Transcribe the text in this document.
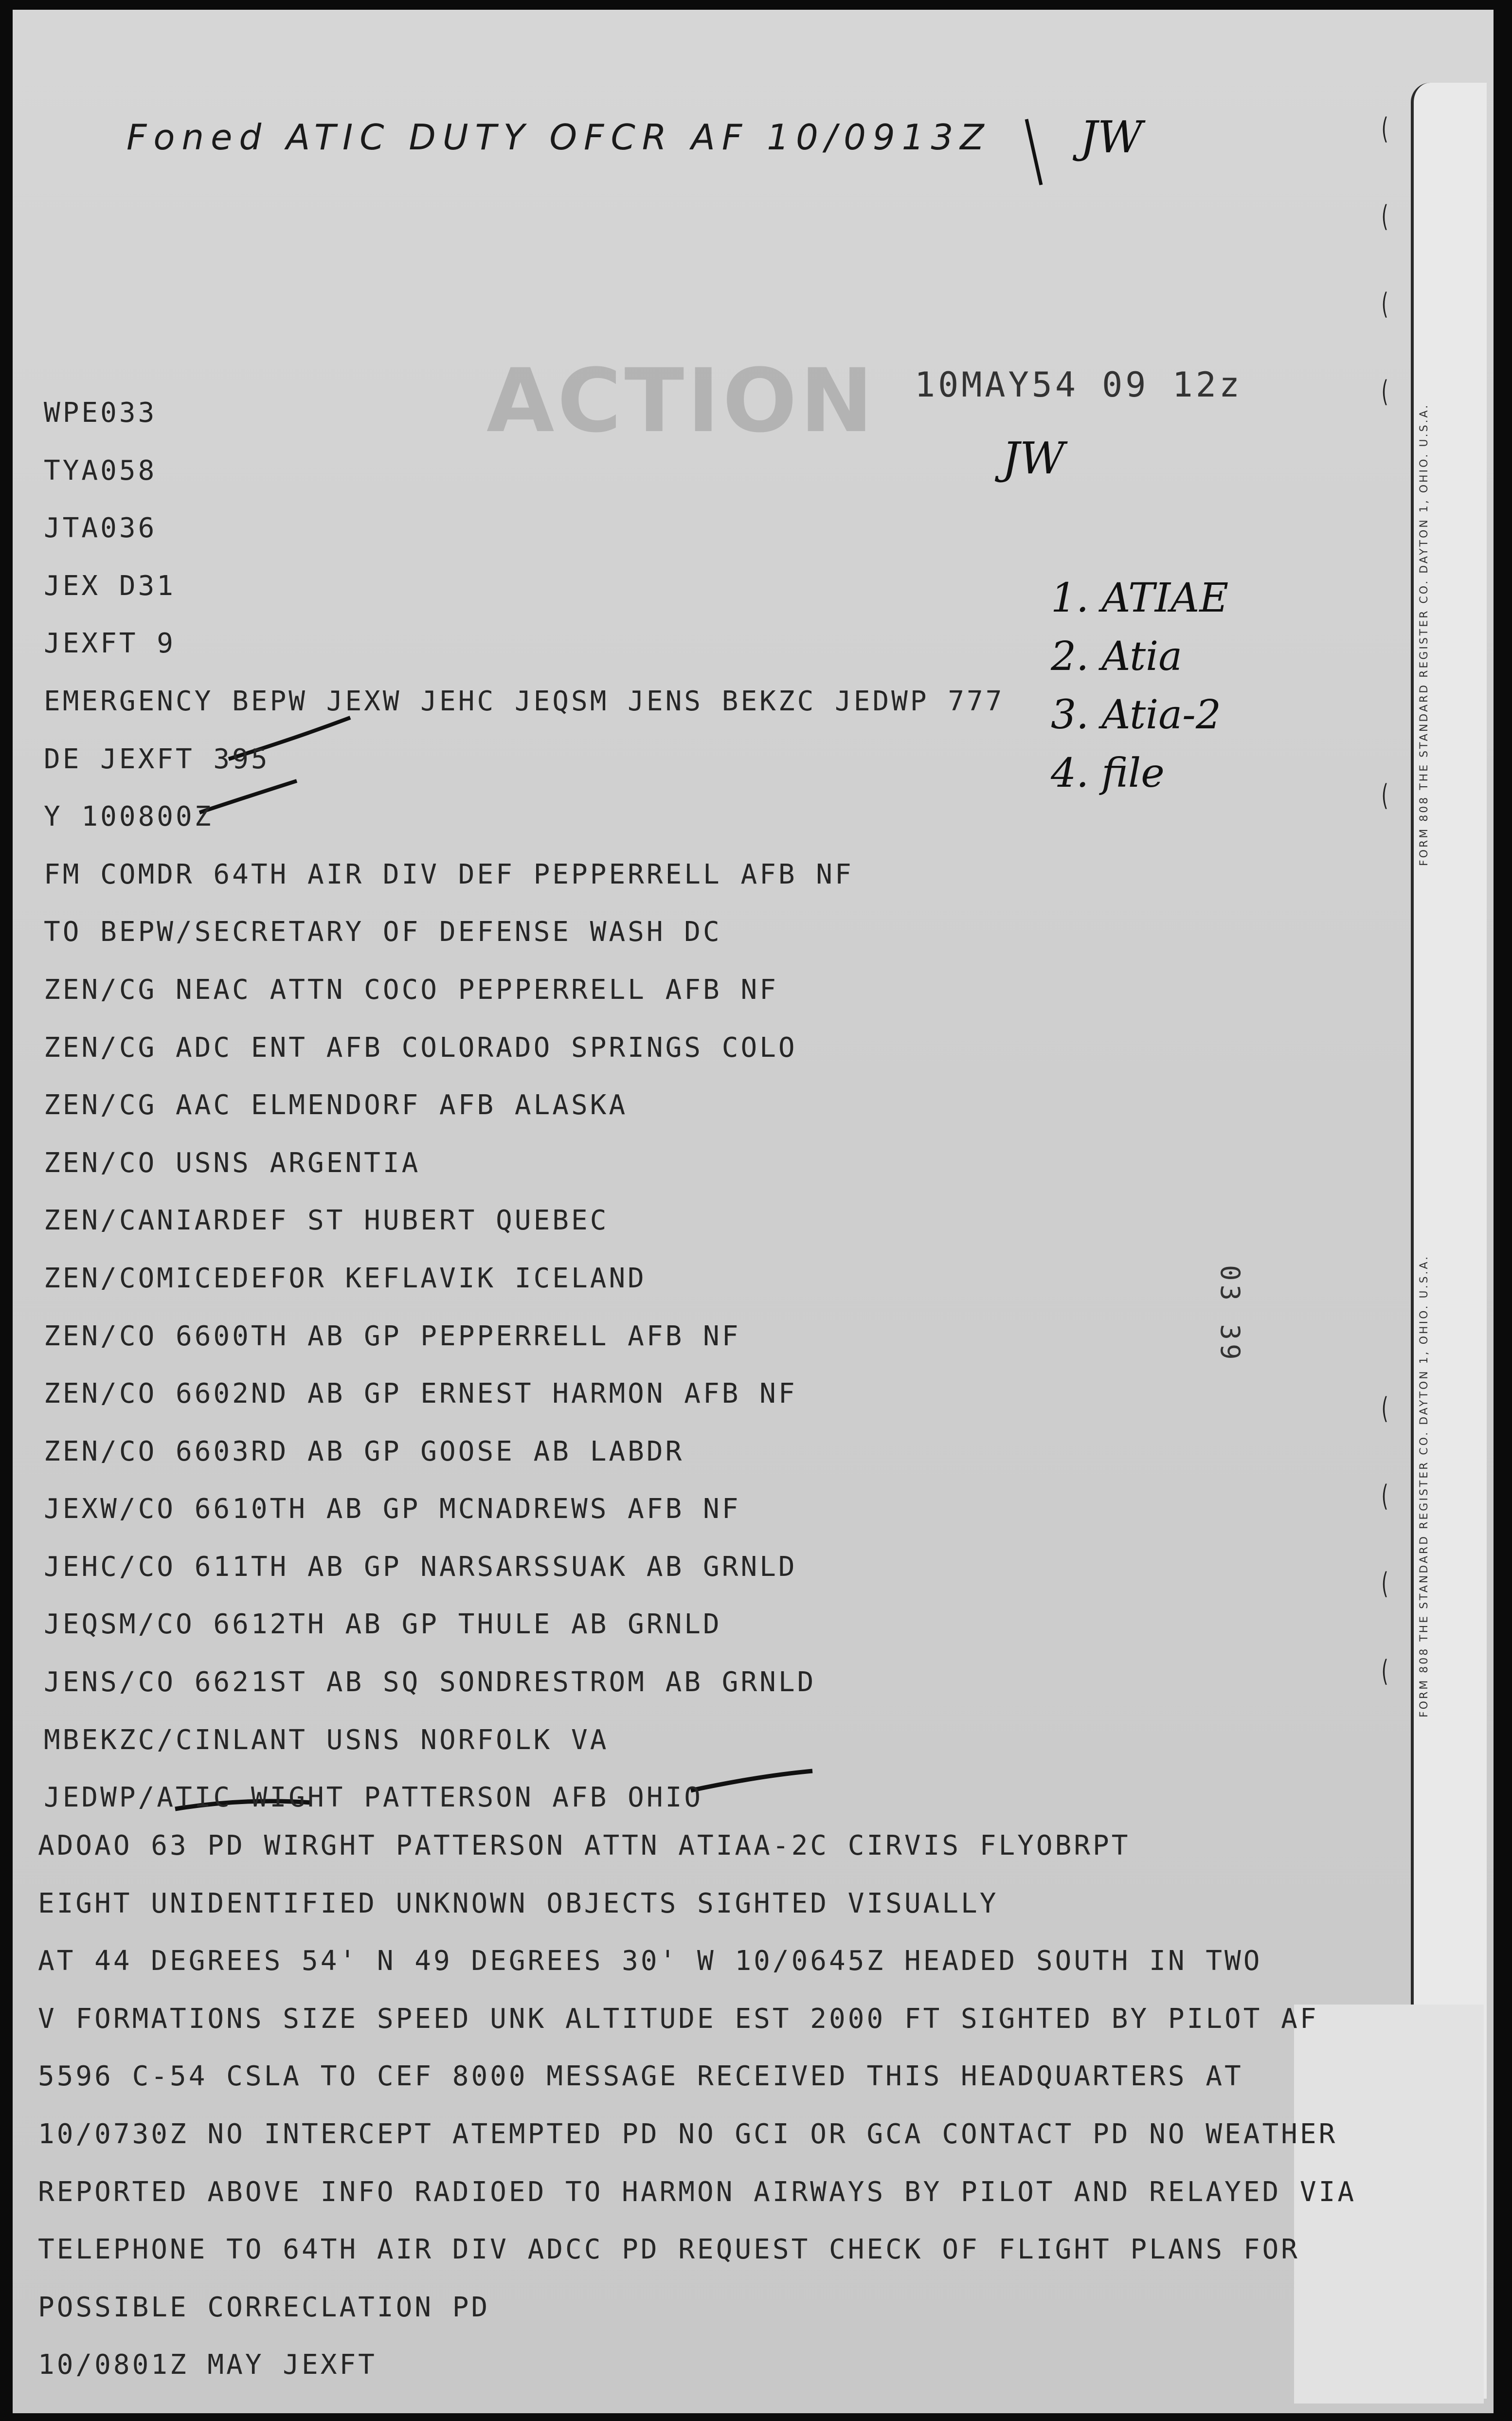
(
(
(
(
(
(
(
(
(
FORM 808 THE STANDARD REGISTER CO. DAYTON 1, OHIO. U.S.A.
FORM 808 THE STANDARD REGISTER CO. DAYTON 1, OHIO. U.S.A.
Foned ATIC DUTY OFCR AF 10/0913Z JW
ACTION 10MAY54 09 12z
JW
03 39
1. ATIAE
2. Atia
3. Atia-2
4. file
WPE033
TYA058
JTA036
JEX D31
JEXFT 9
EMERGENCY BEPW JEXW JEHC JEQSM JENS BEKZC JEDWP 777
DE JEXFT 395
Y 100800Z
FM COMDR 64TH AIR DIV DEF PEPPERRELL AFB NF
TO BEPW/SECRETARY OF DEFENSE WASH DC
ZEN/CG NEAC ATTN COCO PEPPERRELL AFB NF
ZEN/CG ADC ENT AFB COLORADO SPRINGS COLO
ZEN/CG AAC ELMENDORF AFB ALASKA
ZEN/CO USNS ARGENTIA
ZEN/CANIARDEF ST HUBERT QUEBEC
ZEN/COMICEDEFOR KEFLAVIK ICELAND
ZEN/CO 6600TH AB GP PEPPERRELL AFB NF
ZEN/CO 6602ND AB GP ERNEST HARMON AFB NF
ZEN/CO 6603RD AB GP GOOSE AB LABDR
JEXW/CO 6610TH AB GP MCNADREWS AFB NF
JEHC/CO 611TH AB GP NARSARSSUAK AB GRNLD
JEQSM/CO 6612TH AB GP THULE AB GRNLD
JENS/CO 6621ST AB SQ SONDRESTROM AB GRNLD
MBEKZC/CINLANT USNS NORFOLK VA
JEDWP/ATIC WIGHT PATTERSON AFB OHIO
ADOAO 63 PD WIRGHT PATTERSON ATTN ATIAA-2C CIRVIS FLYOBRPT
EIGHT UNIDENTIFIED UNKNOWN OBJECTS SIGHTED VISUALLY
AT 44 DEGREES 54' N 49 DEGREES 30' W 10/0645Z HEADED SOUTH IN TWO
V FORMATIONS SIZE SPEED UNK ALTITUDE EST 2000 FT SIGHTED BY PILOT AF
5596 C-54 CSLA TO CEF 8000 MESSAGE RECEIVED THIS HEADQUARTERS AT
10/0730Z NO INTERCEPT ATEMPTED PD NO GCI OR GCA CONTACT PD NO WEATHER
REPORTED ABOVE INFO RADIOED TO HARMON AIRWAYS BY PILOT AND RELAYED VIA
TELEPHONE TO 64TH AIR DIV ADCC PD REQUEST CHECK OF FLIGHT PLANS FOR
POSSIBLE CORRECLATION PD
10/0801Z MAY JEXFT
